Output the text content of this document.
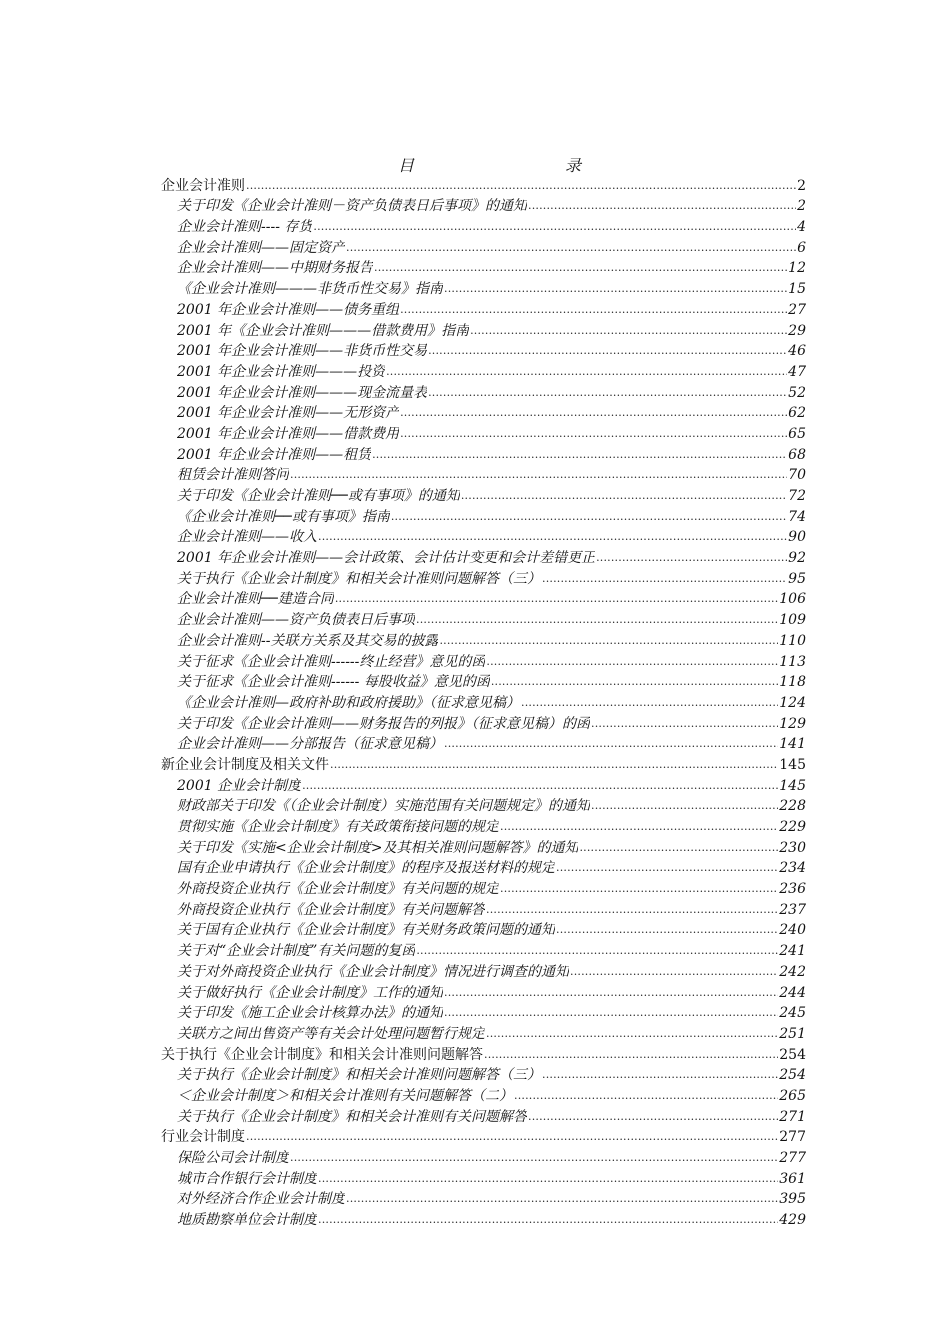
目	录
企业会计准则 .....	2
关于印发《企业会计准则－资产负债表日后事项》的通知 .....	2
企业会计准则---- 存货 .....	4
企业会计准则——固定资产 .....	6
企业会计准则——中期财务报告 .....	12
《企业会计准则———非货币性交易》指南 .....	15
2001 年企业会计准则——债务重组 .....	27
2001 年《企业会计准则———借款费用》指南 .....	29
2001 年企业会计准则——非货币性交易 .....	46
2001 年企业会计准则———投资 .....	47
2001 年企业会计准则———现金流量表 .....	52
2001 年企业会计准则——无形资产 .....	62
2001 年企业会计准则——借款费用 .....	65
2001 年企业会计准则——租赁 .....	68
租赁会计准则答问 .....	70
关于印发《企业会计准则──或有事项》的通知 .....	72
《企业会计准则──或有事项》指南 .....	74
企业会计准则——收入 .....	90
2001 年企业会计准则——会计政策、会计估计变更和会计差错更正 .....	92
关于执行《企业会计制度》和相关会计准则问题解答（三） .....	95
企业会计准则──建造合同 .....	106
企业会计准则——资产负债表日后事项 .....	109
企业会计准则--关联方关系及其交易的披露 .....	110
关于征求《企业会计准则------终止经营》意见的函 .....	113
关于征求《企业会计准则------ 每股收益》意见的函 .....	118
《企业会计准则—政府补助和政府援助》（征求意见稿） .....	124
关于印发《企业会计准则——财务报告的列报》（征求意见稿）的函 .....	129
企业会计准则——分部报告（征求意见稿） .....	141
新企业会计制度及相关文件 .....	145
2001 企业会计制度 .....	145
财政部关于印发《（企业会计制度）实施范围有关问题规定》的通知 .....	228
贯彻实施《企业会计制度》有关政策衔接问题的规定 .....	229
关于印发《实施<企业会计制度>及其相关准则问题解答》的通知 .....	230
国有企业申请执行《企业会计制度》的程序及报送材料的规定 .....	234
外商投资企业执行《企业会计制度》有关问题的规定 .....	236
外商投资企业执行《企业会计制度》有关问题解答 .....	237
关于国有企业执行《企业会计制度》有关财务政策问题的通知 .....	240
关于对“企业会计制度”有关问题的复函 .....	241
关于对外商投资企业执行《企业会计制度》情况进行调查的通知 .....	242
关于做好执行《企业会计制度》工作的通知 .....	244
关于印发《施工企业会计核算办法》的通知 .....	245
关联方之间出售资产等有关会计处理问题暂行规定 .....	251
关于执行《企业会计制度》和相关会计准则问题解答 .....	254
关于执行《企业会计制度》和相关会计准则问题解答（三） .....	254
＜企业会计制度＞和相关会计准则有关问题解答（二） .....	265
关于执行《企业会计制度》和相关会计准则有关问题解答 .....	271
行业会计制度 .....	277
保险公司会计制度 .....	277
城市合作银行会计制度 .....	361
对外经济合作企业会计制度 .....	395
地质勘察单位会计制度 .....	429
